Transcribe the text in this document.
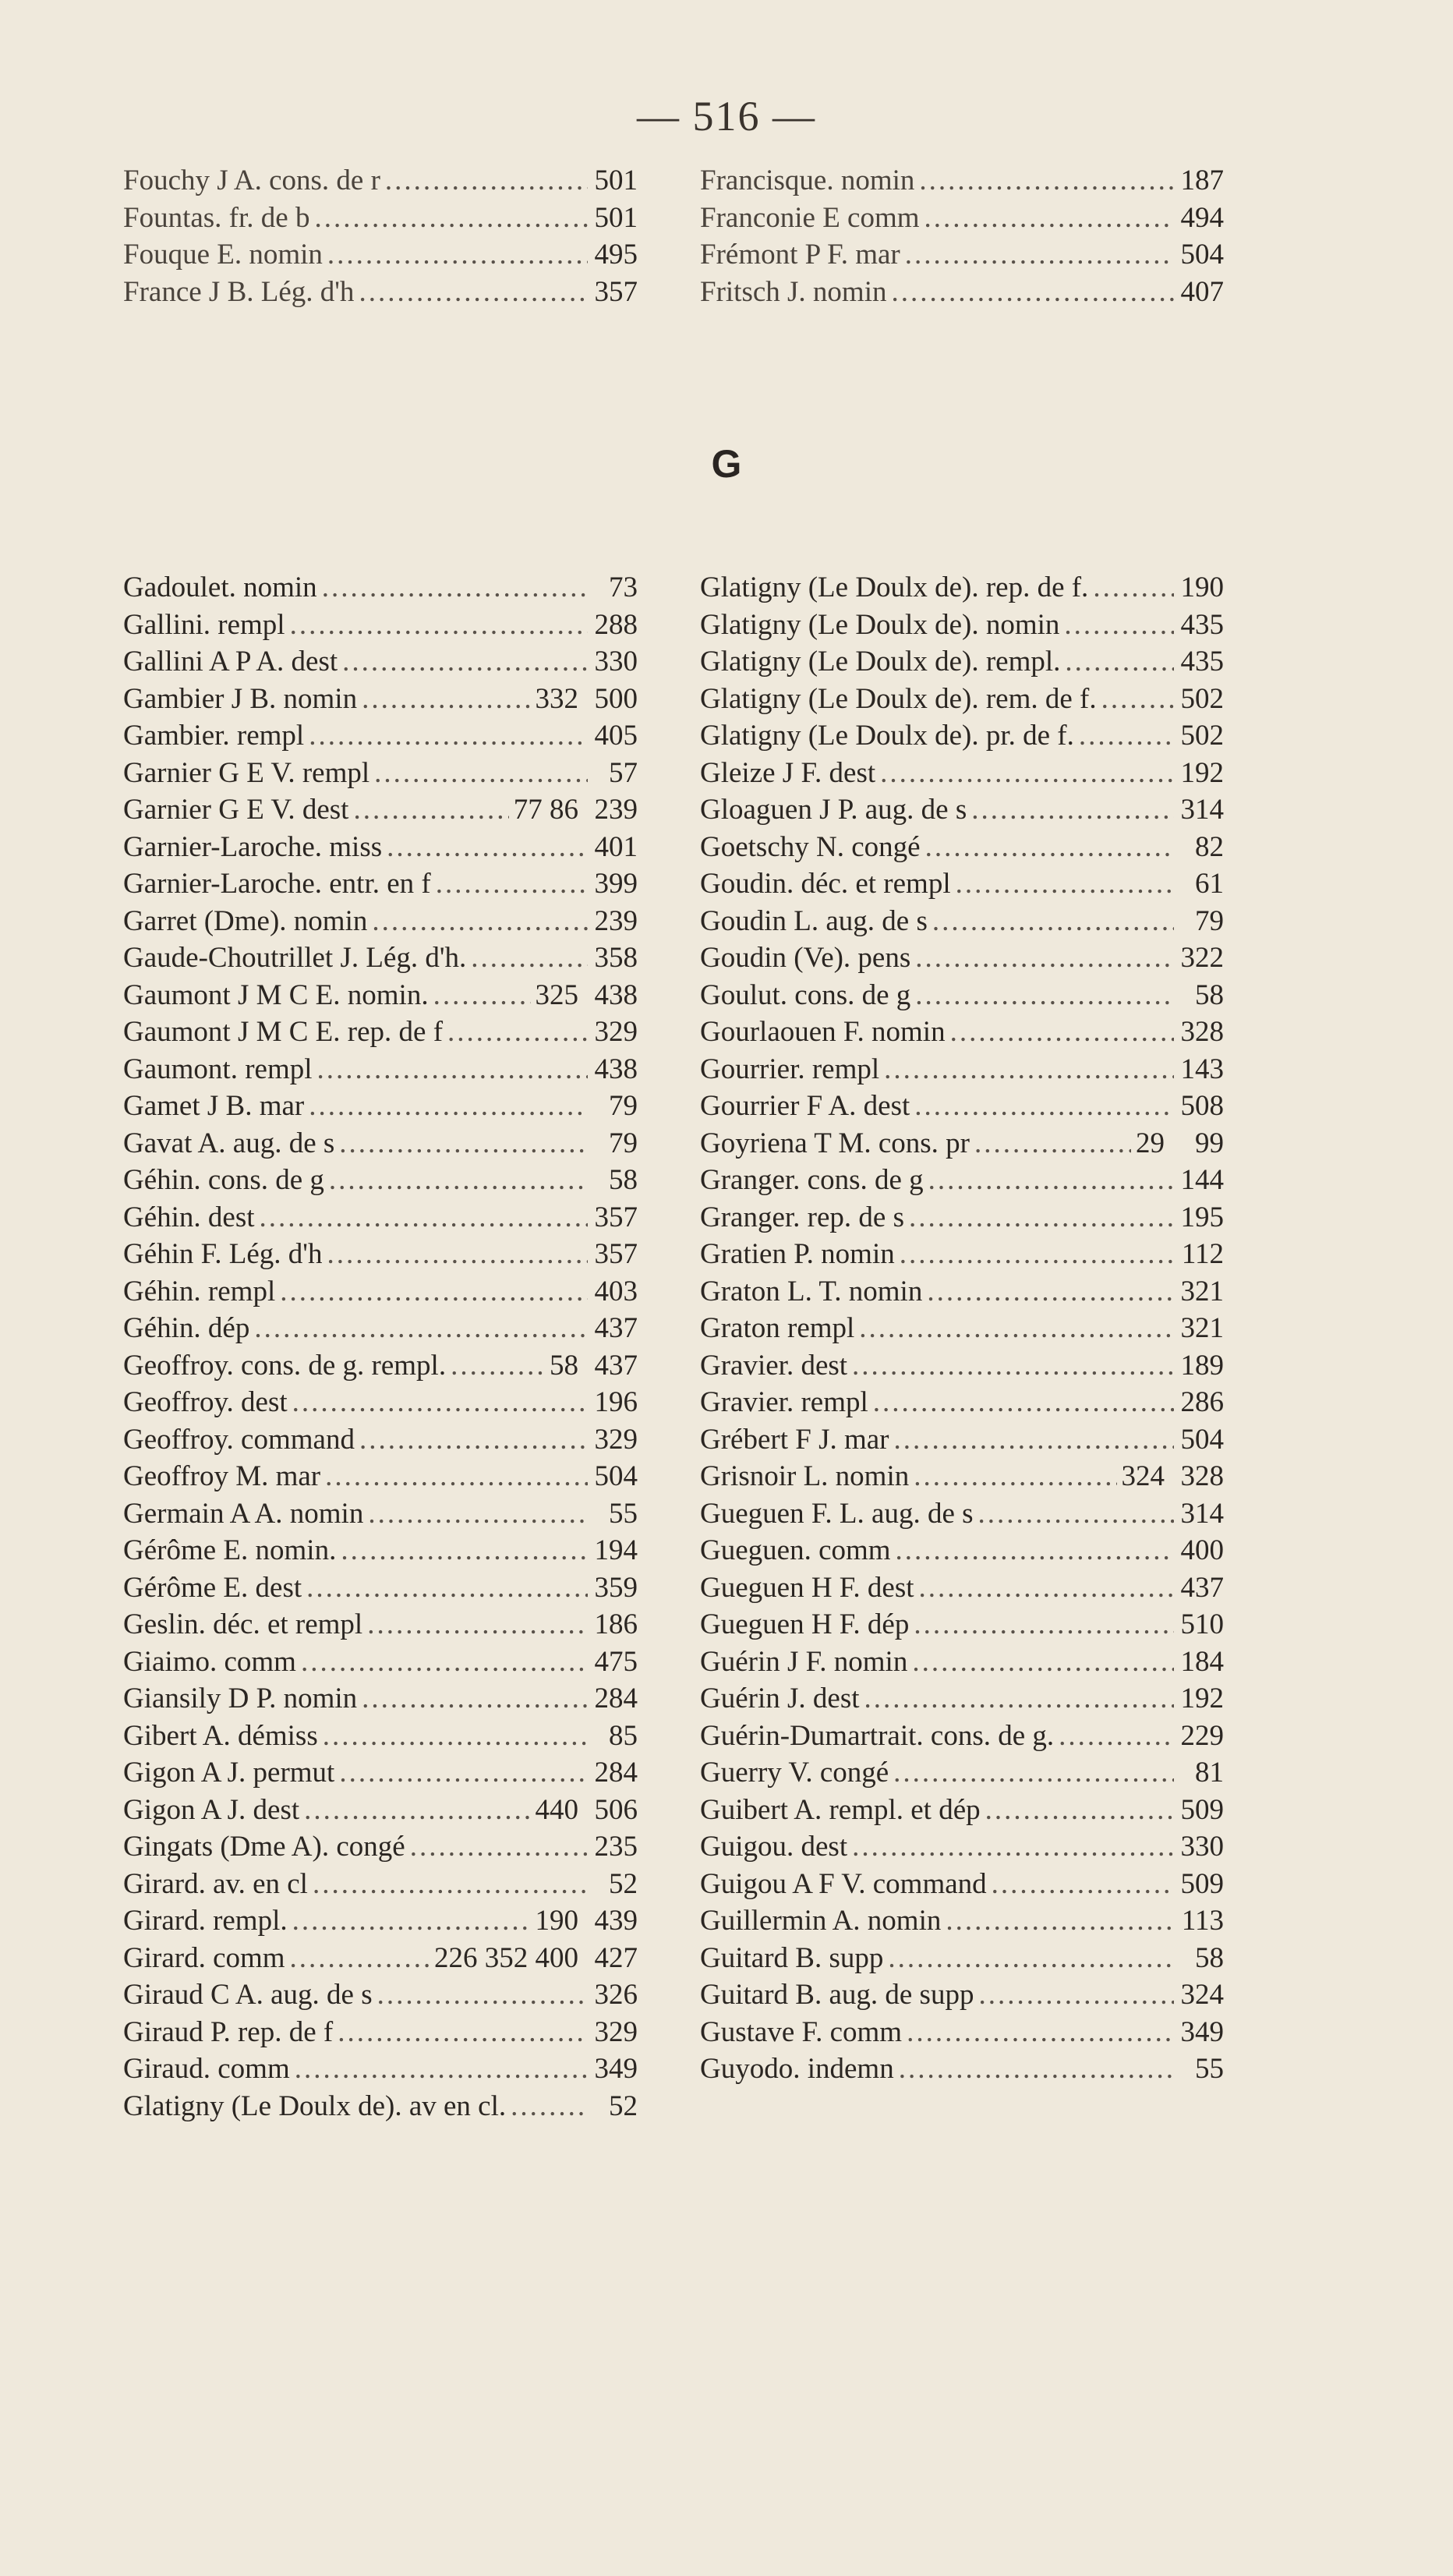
— 516 —
Fouchy J A. cons. de r .....	501
Fountas. fr. de b .....	501
Fouque E. nomin .....	495
France J B. Lég. d'h .....	357
Francisque. nomin .....	187
Franconie E comm .....	494
Frémont P F. mar .....	504
Fritsch J. nomin .....	407
G
Gadoulet. nomin .....	73
Gallini. rempl .....	288
Gallini A P A. dest .....	330
Gambier J B. nomin .....	332 500
Gambier. rempl .....	405
Garnier G E V. rempl .....	57
Garnier G E V. dest .....	77 86 239
Garnier-Laroche. miss .....	401
Garnier-Laroche. entr. en f .....	399
Garret (Dme). nomin .....	239
Gaude-Choutrillet J. Lég. d'h. .....	358
Gaumont J M C E. nomin. .....	325 438
Gaumont J M C E. rep. de f .....	329
Gaumont. rempl .....	438
Gamet J B. mar .....	79
Gavat A. aug. de s .....	79
Géhin. cons. de g .....	58
Géhin. dest .....	357
Géhin F. Lég. d'h .....	357
Géhin. rempl .....	403
Géhin. dép .....	437
Geoffroy. cons. de g. rempl. .....	58 437
Geoffroy. dest .....	196
Geoffroy. command .....	329
Geoffroy M. mar .....	504
Germain A A. nomin .....	55
Gérôme E. nomin. .....	194
Gérôme E. dest .....	359
Geslin. déc. et rempl .....	186
Giaimo. comm .....	475
Giansily D P. nomin .....	284
Gibert A. démiss .....	85
Gigon A J. permut .....	284
Gigon A J. dest .....	440 506
Gingats (Dme A). congé .....	235
Girard. av. en cl .....	52
Girard. rempl. .....	190 439
Girard. comm .....	226 352 400 427
Giraud C A. aug. de s .....	326
Giraud P. rep. de f .....	329
Giraud. comm .....	349
Glatigny (Le Doulx de). av en cl. .....	52
Glatigny (Le Doulx de). rep. de f. .....	190
Glatigny (Le Doulx de). nomin .....	435
Glatigny (Le Doulx de). rempl. .....	435
Glatigny (Le Doulx de). rem. de f. .....	502
Glatigny (Le Doulx de). pr. de f. .....	502
Gleize J F. dest .....	192
Gloaguen J P. aug. de s .....	314
Goetschy N. congé .....	82
Goudin. déc. et rempl .....	61
Goudin L. aug. de s .....	79
Goudin (Ve). pens .....	322
Goulut. cons. de g .....	58
Gourlaouen F. nomin .....	328
Gourrier. rempl .....	143
Gourrier F A. dest .....	508
Goyriena T M. cons. pr .....	29	99
Granger. cons. de g .....	144
Granger. rep. de s .....	195
Gratien P. nomin .....	112
Graton L. T. nomin .....	321
Graton rempl .....	321
Gravier. dest .....	189
Gravier. rempl .....	286
Grébert F J. mar .....	504
Grisnoir L. nomin .....	324 328
Gueguen F. L. aug. de s .....	314
Gueguen. comm .....	400
Gueguen H F. dest .....	437
Gueguen H F. dép .....	510
Guérin J F. nomin .....	184
Guérin J. dest .....	192
Guérin-Dumartrait. cons. de g. .....	229
Guerry V. congé .....	81
Guibert A. rempl. et dép .....	509
Guigou. dest .....	330
Guigou A F V. command .....	509
Guillermin A. nomin .....	113
Guitard B. supp .....	58
Guitard B. aug. de supp .....	324
Gustave F. comm .....	349
Guyodo. indemn .....	55
